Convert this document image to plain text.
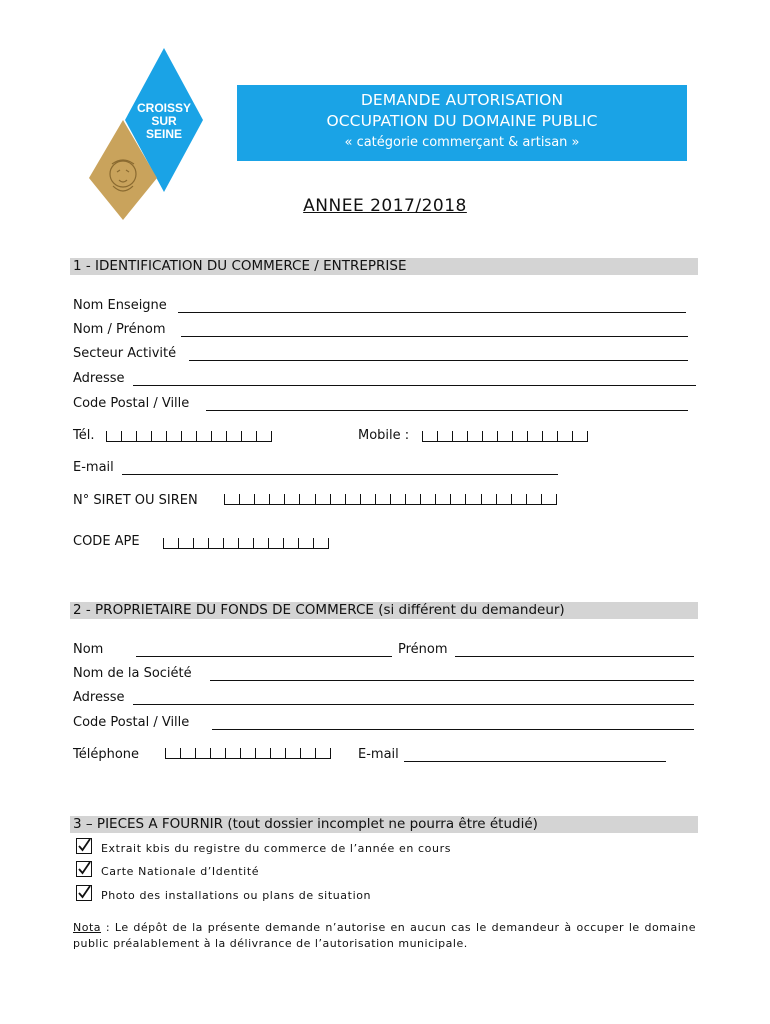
CROISSY
SUR
SEINE
DEMANDE AUTORISATION
OCCUPATION DU DOMAINE PUBLIC
« catégorie commerçant & artisan »
ANNEE 2017/2018
1 - IDENTIFICATION DU COMMERCE / ENTREPRISE
Nom Enseigne
Nom / Prénom
Secteur Activité
Adresse
Code Postal / Ville
Tél.	Mobile :
E-mail
N° SIRET OU SIREN
CODE APE
2 - PROPRIETAIRE DU FONDS DE COMMERCE (si différent du demandeur)
Nom	Prénom
Nom de la Société
Adresse
Code Postal / Ville
Téléphone	E-mail
3 – PIECES A FOURNIR (tout dossier incomplet ne pourra être étudié)
Extrait kbis du registre du commerce de l’année en cours
Carte Nationale d’Identité
Photo des installations ou plans de situation
Nota : Le dépôt de la présente demande n’autorise en aucun cas le demandeur à occuper le domaine public préalablement à la délivrance de l’autorisation municipale.
